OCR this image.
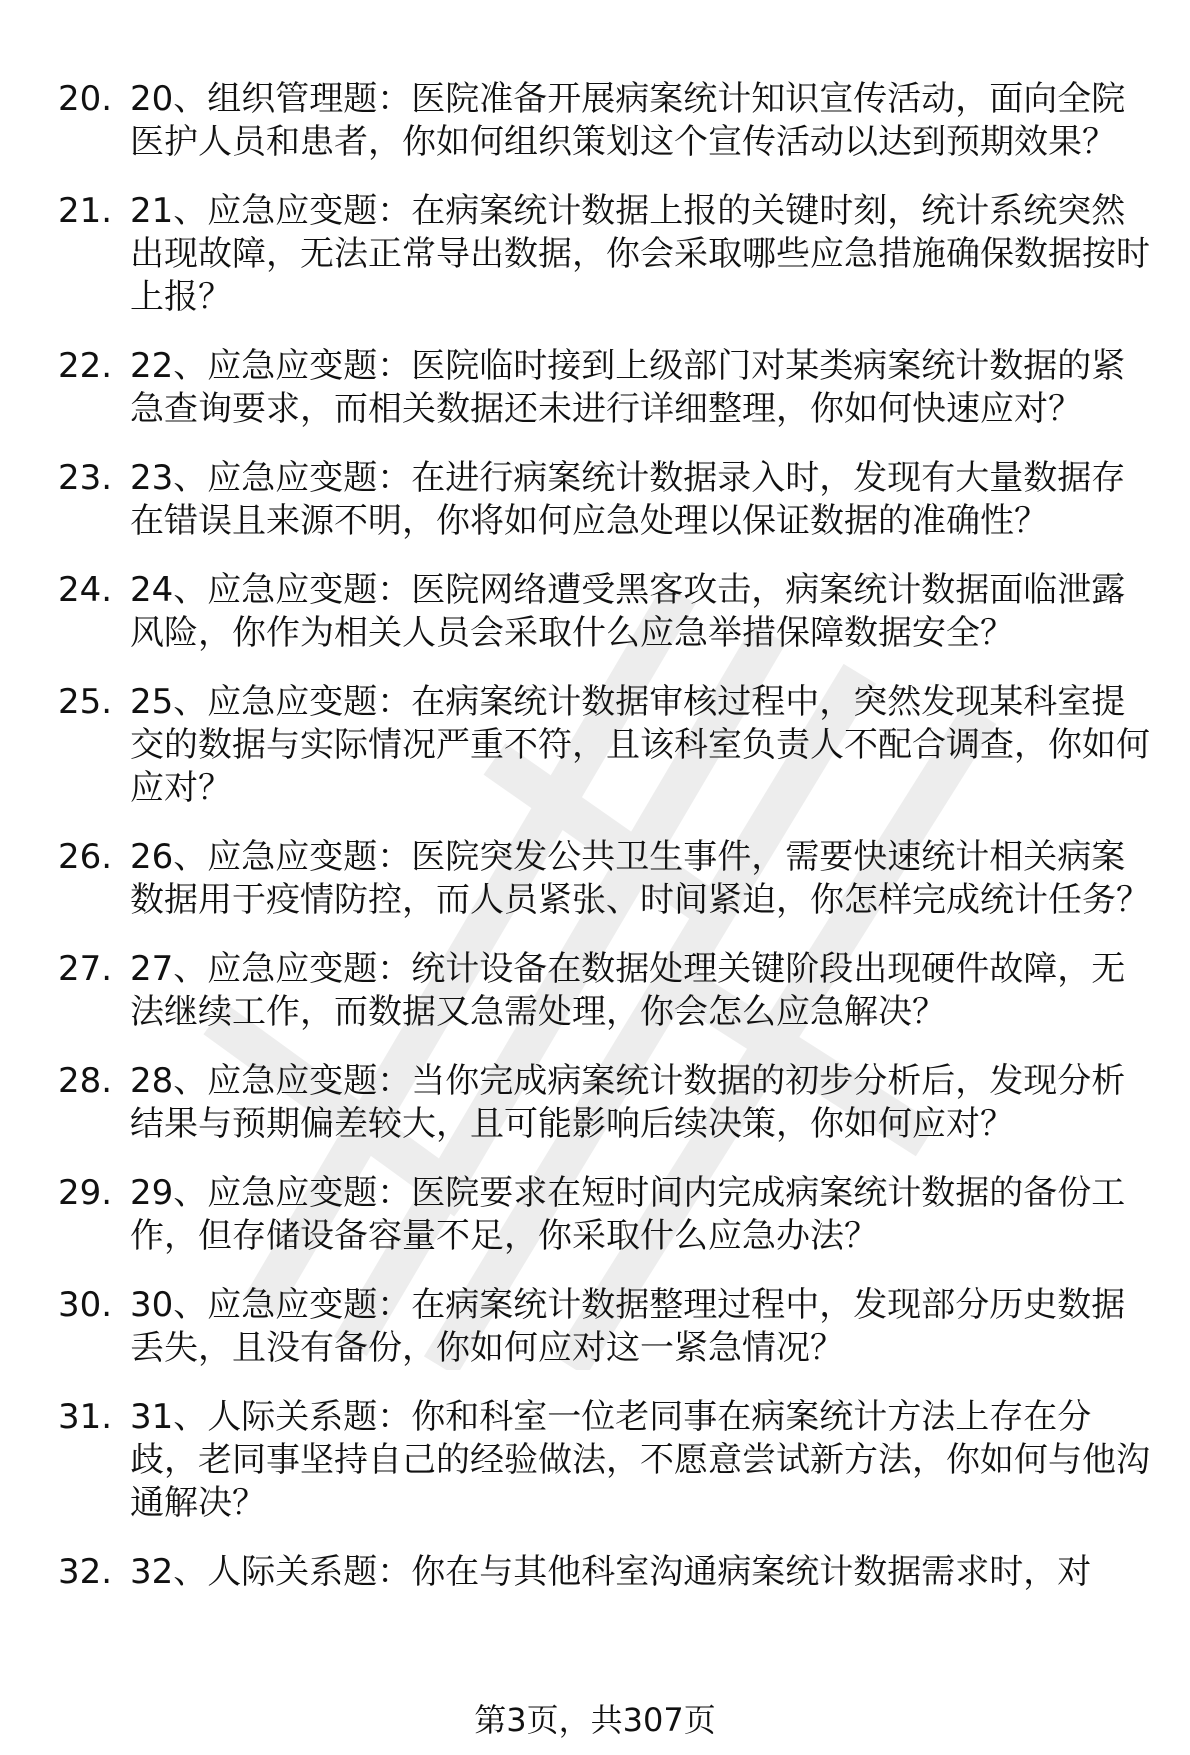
20. 20、组织管理题：医院准备开展病案统计知识宣传活动，面向全院医护人员和患者，你如何组织策划这个宣传活动以达到预期效果？
21. 21、应急应变题：在病案统计数据上报的关键时刻，统计系统突然出现故障，无法正常导出数据，你会采取哪些应急措施确保数据按时上报？
22. 22、应急应变题：医院临时接到上级部门对某类病案统计数据的紧急查询要求，而相关数据还未进行详细整理，你如何快速应对？
23. 23、应急应变题：在进行病案统计数据录入时，发现有大量数据存在错误且来源不明，你将如何应急处理以保证数据的准确性？
24. 24、应急应变题：医院网络遭受黑客攻击，病案统计数据面临泄露风险，你作为相关人员会采取什么应急举措保障数据安全？
25. 25、应急应变题：在病案统计数据审核过程中，突然发现某科室提交的数据与实际情况严重不符，且该科室负责人不配合调查，你如何应对？
26. 26、应急应变题：医院突发公共卫生事件，需要快速统计相关病案数据用于疫情防控，而人员紧张、时间紧迫，你怎样完成统计任务？
27. 27、应急应变题：统计设备在数据处理关键阶段出现硬件故障，无法继续工作，而数据又急需处理，你会怎么应急解决？
28. 28、应急应变题：当你完成病案统计数据的初步分析后，发现分析结果与预期偏差较大，且可能影响后续决策，你如何应对？
29. 29、应急应变题：医院要求在短时间内完成病案统计数据的备份工作，但存储设备容量不足，你采取什么应急办法？
30. 30、应急应变题：在病案统计数据整理过程中，发现部分历史数据丢失，且没有备份，你如何应对这一紧急情况？
31. 31、人际关系题：你和科室一位老同事在病案统计方法上存在分歧，老同事坚持自己的经验做法，不愿意尝试新方法，你如何与他沟通解决？
32. 32、人际关系题：你在与其他科室沟通病案统计数据需求时，对
第3页，共307页
